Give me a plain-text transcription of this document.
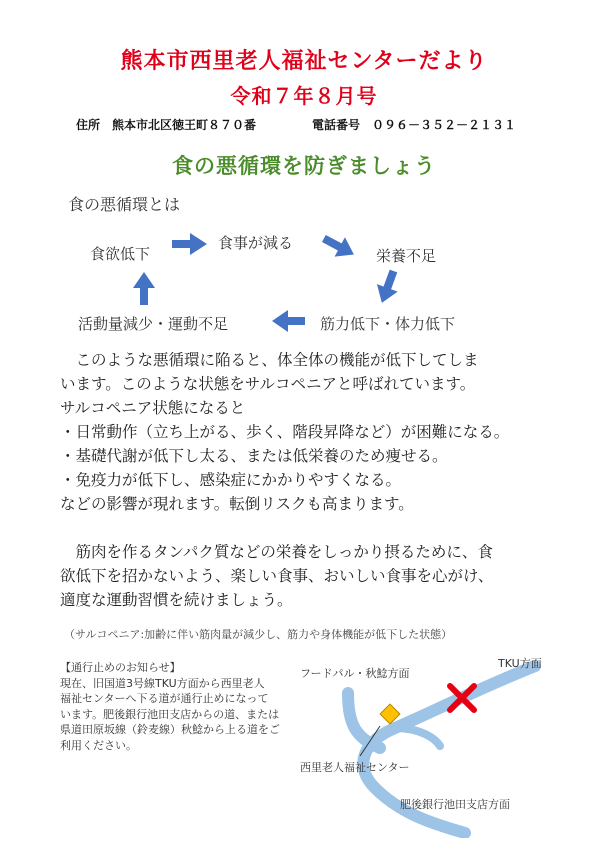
熊本市西里老人福祉センターだより
令和７年８月号
住所　熊本市北区徳王町８７０番	電話番号　０９６－３５２－２１３１
食の悪循環を防ぎましょう
食の悪循環とは
食欲低下
食事が減る
栄養不足
筋力低下・体力低下
活動量減少・運動不足

　このような悪循環に陥ると、体全体の機能が低下してしま

います。このような状態をサルコペニアと呼ばれています。

サルコペニア状態になると

・日常動作（立ち上がる、歩く、階段昇降など）が困難になる。

・基礎代謝が低下し太る、または低栄養のため痩せる。

・免疫力が低下し、感染症にかかりやすくなる。

などの影響が現れます。転倒リスクも高まります。

　筋肉を作るタンパク質などの栄養をしっかり摂るために、食

欲低下を招かないよう、楽しい食事、おいしい食事を心がけ、

適度な運動習慣を続けましょう。

（サルコペニア:加齢に伴い筋肉量が減少し、筋力や身体機能が低下した状態）

【通行止めのお知らせ】

現在、旧国道3号線TKU方面から西里老人

福祉センターへ下る道が通行止めになって

います。肥後銀行池田支店からの道、または

県道田原坂線（鈴麦線）秋鯰から上る道をご

利用ください。

フードパル・秋鯰方面
TKU方面
西里老人福祉センター
肥後銀行池田支店方面
